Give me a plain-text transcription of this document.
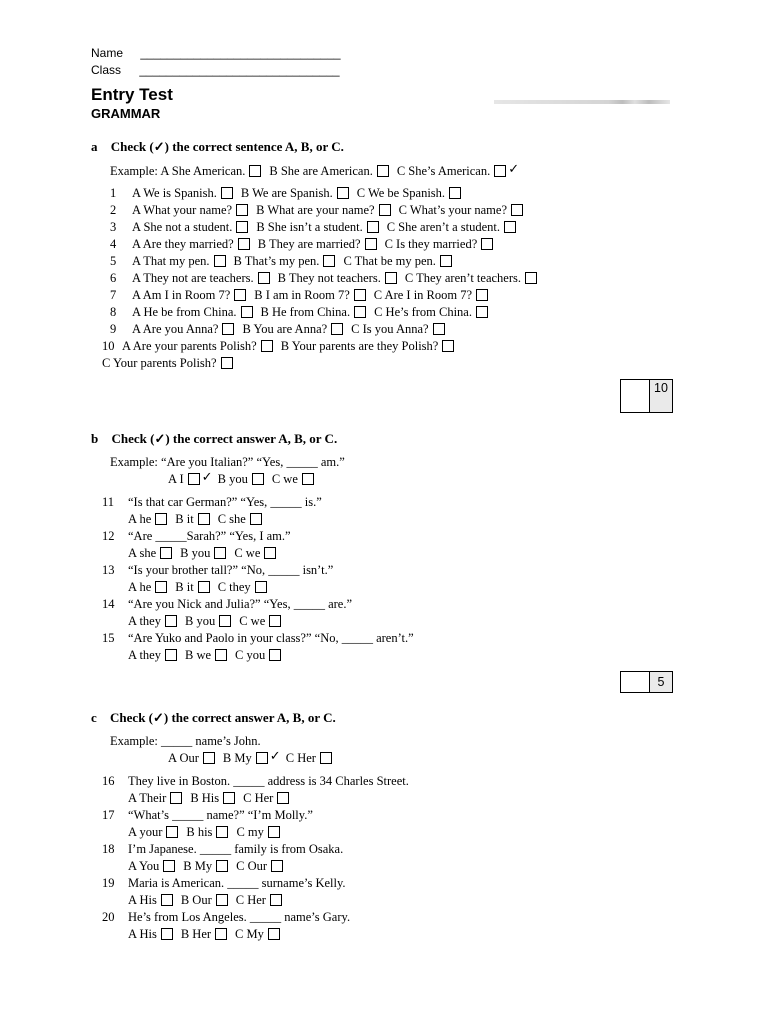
Name ______________________________
Class ______________________________
Entry Test
GRAMMAR
a Check (✓) the correct sentence A, B, or C.
Example: A She American. B She are American. C She’s American.✓
1 A We is Spanish. B We are Spanish. C We be Spanish.
2 A What your name? B What are your name? C What’s your name?
3 A She not a student. B She isn’t a student. C She aren’t a student.
4 A Are they married? B They are married? C Is they married?
5 A That my pen. B That’s my pen. C That be my pen.
6 A They not are teachers. B They not teachers. C They aren’t teachers.
7 A Am I in Room 7? B I am in Room 7? C Are I in Room 7?
8 A He be from China. B He from China. C He’s from China.
9 A Are you Anna? B You are Anna? C Is you Anna?
10 A Are your parents Polish? B Your parents are they Polish?
C Your parents Polish?
10
b Check (✓) the correct answer A, B, or C.
Example: “Are you Italian?” “Yes, _____ am.”
A I ✓	B you C we
11 “Is that car German?” “Yes, _____ is.”
A he B it C she
12 “Are _____Sarah?” “Yes, I am.”
A she B you C we
13 “Is your brother tall?” “No, _____ isn’t.”
A he B it C they
14 “Are you Nick and Julia?” “Yes, _____ are.”
A they B you C we
15 “Are Yuko and Paolo in your class?” “No, _____ aren’t.”
A they B we C you
5
c Check (✓) the correct answer A, B, or C.
Example: _____ name’s John.
A Our B My ✓	C Her
16 They live in Boston. _____ address is 34 Charles Street.
A Their B His C Her
17 “What’s _____ name?” “I’m Molly.”
A your B his C my
18 I’m Japanese. _____ family is from Osaka.
A You B My C Our
19 Maria is American. _____ surname’s Kelly.
A His B Our C Her
20 He’s from Los Angeles. _____ name’s Gary.
A His B Her C My
